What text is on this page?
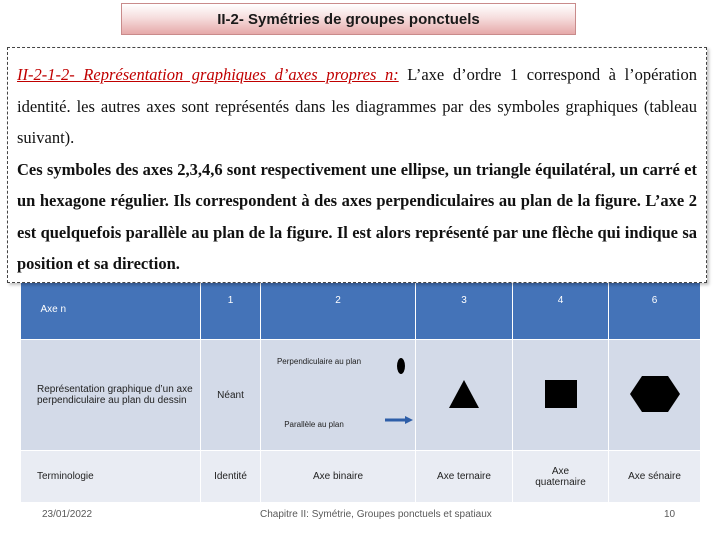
II-2- Symétries de groupes ponctuels

II-2-1-2- Représentation graphiques d’axes propres n: L’axe d’ordre 1 correspond à l’opération identité. les autres axes sont représentés dans les diagrammes par des symboles graphiques (tableau suivant).

Ces symboles des axes 2,3,4,6 sont respectivement une ellipse, un triangle équilatéral, un carré et un hexagone régulier. Ils correspondent à des axes perpendiculaires au plan de la figure. L’axe 2 est quelquefois parallèle au plan de la figure. Il est alors représenté par une flèche qui indique sa position et sa direction.

Axe n	1	2	3	4	6
Représentation graphique d’un axe perpendiculaire au plan du dessin	Néant	Perpendiculaire au plan
Parallèle au plan

Terminologie	Identité	Axe binaire	Axe ternaire	Axe quaternaire	Axe sénaire
23/01/2022	Chapitre II: Symétrie, Groupes ponctuels et spatiaux	10
